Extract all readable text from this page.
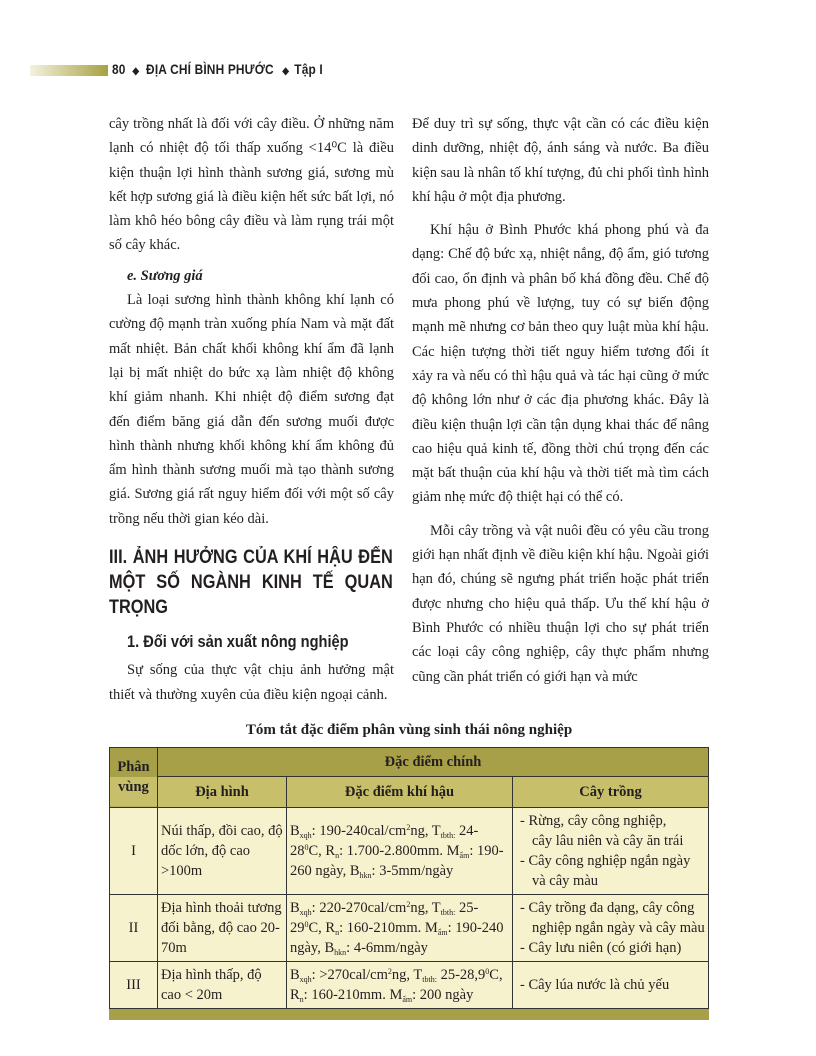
80 ◆ ĐỊA CHÍ BÌNH PHƯỚC ◆ Tập I

cây trồng nhất là đối với cây điều. Ở những năm lạnh có nhiệt độ tối thấp xuống <14⁰C là điều kiện thuận lợi hình thành sương giá, sương mù kết hợp sương giá là điều kiện hết sức bất lợi, nó làm khô héo bông cây điều và làm rụng trái một số cây khác.

e. Sương giá

Là loại sương hình thành không khí lạnh có cường độ mạnh tràn xuống phía Nam và mặt đất mất nhiệt. Bản chất khối không khí ẩm đã lạnh lại bị mất nhiệt do bức xạ làm nhiệt độ không khí giảm nhanh. Khi nhiệt độ điểm sương đạt đến điểm băng giá dẫn đến sương muối được hình thành nhưng khối không khí ẩm không đủ ẩm hình thành sương muối mà tạo thành sương giá. Sương giá rất nguy hiểm đối với một số cây trồng nếu thời gian kéo dài.

III. ẢNH HƯỞNG CỦA KHÍ HẬU ĐẾN MỘT SỐ NGÀNH KINH TẾ QUAN TRỌNG
1. Đối với sản xuất nông nghiệp

Sự sống của thực vật chịu ảnh hưởng mật thiết và thường xuyên của điều kiện ngoại cảnh.

Để duy trì sự sống, thực vật cần có các điều kiện dinh dưỡng, nhiệt độ, ánh sáng và nước. Ba điều kiện sau là nhân tố khí tượng, đủ chi phối tình hình khí hậu ở một địa phương.

Khí hậu ở Bình Phước khá phong phú và đa dạng: Chế độ bức xạ, nhiệt nắng, độ ẩm, gió tương đối cao, ổn định và phân bố khá đồng đều. Chế độ mưa phong phú về lượng, tuy có sự biến động mạnh mẽ nhưng cơ bản theo quy luật mùa khí hậu. Các hiện tượng thời tiết nguy hiểm tương đối ít xảy ra và nếu có thì hậu quả và tác hại cũng ở mức độ không lớn như ở các địa phương khác. Đây là điều kiện thuận lợi cần tận dụng khai thác để nâng cao hiệu quả kinh tế, đồng thời chú trọng đến các mặt bất thuận của khí hậu và thời tiết mà tìm cách giảm nhẹ mức độ thiệt hại có thể có.

Mỗi cây trồng và vật nuôi đều có yêu cầu trong giới hạn nhất định về điều kiện khí hậu. Ngoài giới hạn đó, chúng sẽ ngưng phát triển hoặc phát triển được nhưng cho hiệu quả thấp. Ưu thế khí hậu ở Bình Phước có nhiều thuận lợi cho sự phát triển các loại cây công nghiệp, cây thực phẩm nhưng cũng cần phát triển có giới hạn và mức

Tóm tắt đặc điểm phân vùng sinh thái nông nghiệp
Phân vùng	Đặc điểm chính		
	Địa hình	Đặc điểm khí hậu	Cây trồng
I	Núi thấp, đồi cao, độ dốc lớn, độ cao >100m	$B_{xqh}$: $190-240cal/cm^2ng$, $T_{tbth:}$ $24-28^0C$, $R_n$: 1.700-2.800mm. $M_{ẩm}$: 190-260 ngày, $B_{hkn}$: 3-5mm/ngày	- Rừng, cây công nghiệp,
cây lâu niên và cây ăn trái
- Cây công nghiệp ngắn ngày
và cây màu

II	Địa hình thoải tương đối bằng, độ cao 20-70m	$B_{xqh}$: $220-270cal/cm^2ng$, $T_{tbth:}$ $25-29^0C$, $R_n$: 160-210mm. $M_{ẩm}$: 190-240 ngày, $B_{hkn}$: 4-6mm/ngày	- Cây trồng đa dạng, cây công
nghiệp ngắn ngày và cây màu
- Cây lưu niên (có giới hạn)

III	Địa hình thấp, độ cao < 20m	$B_{xqh}$: $>270cal/cm^2ng$, $T_{tbth:}$ 25-28,9$^0$C, $R_n$: 160-210mm. $M_{ẩm}$: 200 ngày	- Cây lúa nước là chủ yếu
